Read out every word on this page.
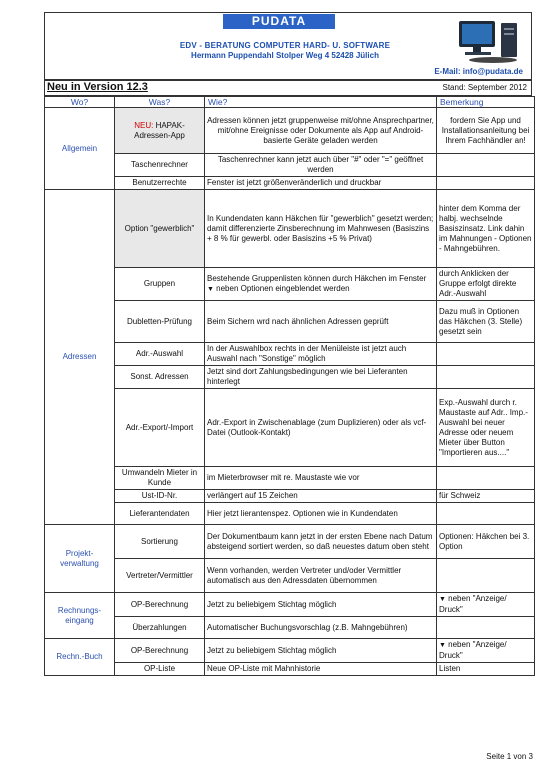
PUDATA
EDV - BERATUNG COMPUTER HARD- U. SOFTWARE
Hermann Puppendahl Stolper Weg 4 52428 Jülich
E-Mail: info@pudata.de
Neu in Version 12.3	Stand: September 2012
Wo?	Was?	Wie?	Bemerkung
Allgemein	NEU: HAPAK-Adressen-App	Adressen können jetzt gruppenweise mit/ohne Ansprechpartner, mit/ohne Ereignisse oder Dokumente als App auf Android-basierte Geräte geladen werden	fordern Sie App und Installationsanleitung bei Ihrem Fachhändler an!
	Taschenrechner	Taschenrechner kann jetzt auch über "#" oder "=" geöffnet werden	
	Benutzerrechte	Fenster ist jetzt größenveränderlich und druckbar	
Adressen	Option "gewerblich"	In Kundendaten kann Häkchen für "gewerblich" gesetzt werden; damit differenzierte Zinsberechnung im Mahnwesen (Basiszins + 8 % für gewerbl. oder Basiszins +5 % Privat)	hinter dem Komma der halbj. wechselnde Basiszinsatz. Link dahin im Mahnungen - Optionen - Mahngebühren.
	Gruppen	Bestehende Gruppenlisten können durch Häkchen im Fenster ▼ neben Optionen eingeblendet werden	durch Anklicken der Gruppe erfolgt direkte Adr.-Auswahl
	Dubletten-Prüfung	Beim Sichern wrd nach ähnlichen Adressen geprüft	Dazu muß in Optionen das Häkchen (3. Stelle) gesetzt sein
	Adr.-Auswahl	In der Auswahlbox rechts in der Menüleiste ist jetzt auch Auswahl nach "Sonstige" möglich	
	Sonst. Adressen	Jetzt sind dort Zahlungsbedingungen wie bei Lieferanten hinterlegt	
	Adr.-Export/-Import	Adr.-Export in Zwischenablage (zum Duplizieren) oder als vcf-Datei (Outlook-Kontakt)	Exp.-Auswahl durch r. Maustaste auf Adr.. Imp.-Auswahl bei neuer Adresse oder neuem Mieter über Button "Importieren aus...."
	Umwandeln Mieter in Kunde	im Mieterbrowser mit re. Maustaste wie vor	
	Ust-ID-Nr.	verlängert auf 15 Zeichen	für Schweiz
	Lieferantendaten	Hier jetzt lierantenspez. Optionen wie in Kundendaten	
Projekt-verwaltung	Sortierung	Der Dokumentbaum kann jetzt in der ersten Ebene nach Datum absteigend sortiert werden, so daß neuestes datum oben steht	Optionen: Häkchen bei 3. Option
	Vertreter/Vermittler	Wenn vorhanden, werden Vertreter und/oder Vermittler automatisch aus den Adressdaten übernommen	
Rechnungs-eingang	OP-Berechnung	Jetzt zu beliebigem Stichtag möglich	▼ neben "Anzeige/ Druck"
	Überzahlungen	Automatischer Buchungsvorschlag (z.B. Mahngebühren)	
Rechn.-Buch	OP-Berechnung	Jetzt zu beliebigem Stichtag möglich	▼ neben "Anzeige/ Druck"
	OP-Liste	Neue OP-Liste mit Mahnhistorie	Listen
Seite 1 von 3
